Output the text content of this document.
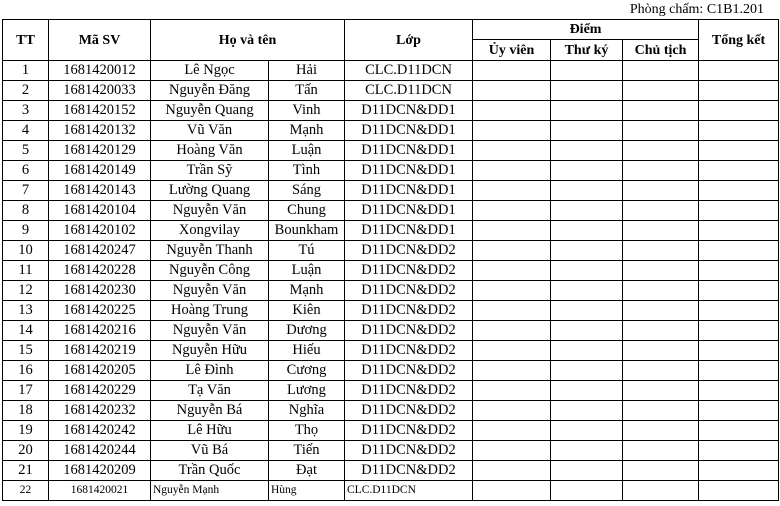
Phòng chấm: C1B1.201
TT	Mã SV	Họ và tên		Lớp	Điểm			Tổng kết
					Ủy viên	Thư ký	Chủ tịch	
1	1681420012	Lê Ngọc	Hải	CLC.D11DCN				
2	1681420033	Nguyễn Đăng	Tấn	CLC.D11DCN				
3	1681420152	Nguyễn Quang	Vinh	D11DCN&DD1				
4	1681420132	Vũ Văn	Mạnh	D11DCN&DD1				
5	1681420129	Hoàng Văn	Luận	D11DCN&DD1				
6	1681420149	Trần Sỹ	Tình	D11DCN&DD1				
7	1681420143	Lường Quang	Sáng	D11DCN&DD1				
8	1681420104	Nguyễn Văn	Chung	D11DCN&DD1				
9	1681420102	Xongvilay	Bounkham	D11DCN&DD1				
10	1681420247	Nguyễn Thanh	Tú	D11DCN&DD2				
11	1681420228	Nguyễn Công	Luận	D11DCN&DD2				
12	1681420230	Nguyễn Văn	Mạnh	D11DCN&DD2				
13	1681420225	Hoàng Trung	Kiên	D11DCN&DD2				
14	1681420216	Nguyễn Văn	Dương	D11DCN&DD2				
15	1681420219	Nguyễn Hữu	Hiếu	D11DCN&DD2				
16	1681420205	Lê Đình	Cương	D11DCN&DD2				
17	1681420229	Tạ Văn	Lương	D11DCN&DD2				
18	1681420232	Nguyễn Bá	Nghĩa	D11DCN&DD2				
19	1681420242	Lê Hữu	Thọ	D11DCN&DD2				
20	1681420244	Vũ Bá	Tiến	D11DCN&DD2				
21	1681420209	Trần Quốc	Đạt	D11DCN&DD2				
22	1681420021	Nguyễn Mạnh	Hùng	CLC.D11DCN				
